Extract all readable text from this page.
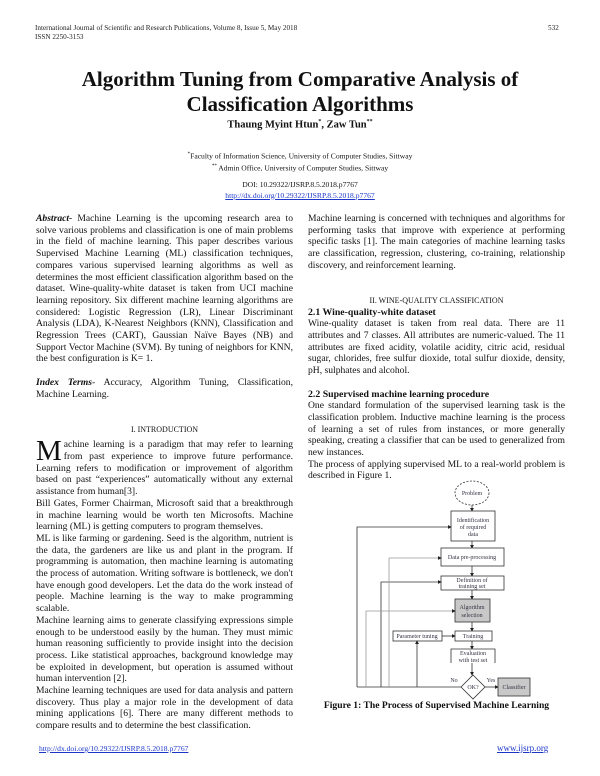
International Journal of Scientific and Research Publications, Volume 8, Issue 5, May 2018
ISSN 2250-3153
532
Algorithm Tuning from Comparative Analysis of
Classification Algorithms
Thaung Myint Htun*, Zaw Tun**
*Faculty of Information Science, University of Computer Studies, Sittway
** Admin Office, University of Computer Studies, Sittway
DOI: 10.29322/IJSRP.8.5.2018.p7767
http://dx.doi.org/10.29322/IJSRP.8.5.2018.p7767

Abstract- Machine Learning is the upcoming research area to solve various problems and classification is one of main problems in the field of machine learning. This paper describes various Supervised Machine Learning (ML) classification techniques, compares various supervised learning algorithms as well as determines the most efficient classification algorithm based on the dataset. Wine-quality-white dataset is taken from UCI machine learning repository. Six different machine learning algorithms are considered: Logistic Regression (LR), Linear Discriminant Analysis (LDA), K-Nearest Neighbors (KNN), Classification and Regression Trees (CART), Gaussian Naïve Bayes (NB) and Support Vector Machine (SVM). By tuning of neighbors for KNN, the best configuration is K= 1.

Index Terms- Accuracy, Algorithm Tuning, Classification, Machine Learning.

I. INTRODUCTION

Machine learning is a paradigm that may refer to learning from past experience to improve future performance. Learning refers to modification or improvement of algorithm based on past “experiences” automatically without any external assistance from human[3].

Bill Gates, Former Chairman, Microsoft said that a breakthrough in machine learning would be worth ten Microsofts. Machine learning (ML) is getting computers to program themselves.

ML is like farming or gardening. Seed is the algorithm, nutrient is the data, the gardeners are like us and plant in the program. If programming is automation, then machine learning is automating the process of automation. Writing software is bottleneck, we don't have enough good developers. Let the data do the work instead of people. Machine learning is the way to make programming scalable.

Machine learning aims to generate classifying expressions simple enough to be understood easily by the human. They must mimic human reasoning sufficiently to provide insight into the decision process. Like statistical approaches, background knowledge may be exploited in development, but operation is assumed without human intervention [2].

Machine learning techniques are used for data analysis and pattern discovery. Thus play a major role in the development of data mining applications [6]. There are many different methods to compare results and to determine the best classification.

Machine learning is concerned with techniques and algorithms for performing tasks that improve with experience at performing specific tasks [1]. The main categories of machine learning tasks are classification, regression, clustering, co-training, relationship discovery, and reinforcement learning.

II. WINE-QUALITY CLASSIFICATION

2.1 Wine-quality-white dataset

Wine-quality dataset is taken from real data. There are 11 attributes and 7 classes. All attributes are numeric-valued. The 11 attributes are fixed acidity, volatile acidity, citric acid, residual sugar, chlorides, free sulfur dioxide, total sulfur dioxide, density, pH, sulphates and alcohol.

2.2 Supervised machine learning procedure

One standard formulation of the supervised learning task is the classification problem. Inductive machine learning is the process of learning a set of rules from instances, or more generally speaking, creating a classifier that can be used to generalized from new instances.

The process of applying supervised ML to a real-world problem is described in Figure 1.

Problem
Identification
of required
data
Data pre-processing
Definition of
training set
Algorithm
selection
Parameter tuning	Training
Evaluation
with test set
OK?
No	Yes
Classifier
Figure 1: The Process of Supervised Machine Learning
http://dx.doi.org/10.29322/IJSRP.8.5.2018.p7767	www.ijsrp.org
